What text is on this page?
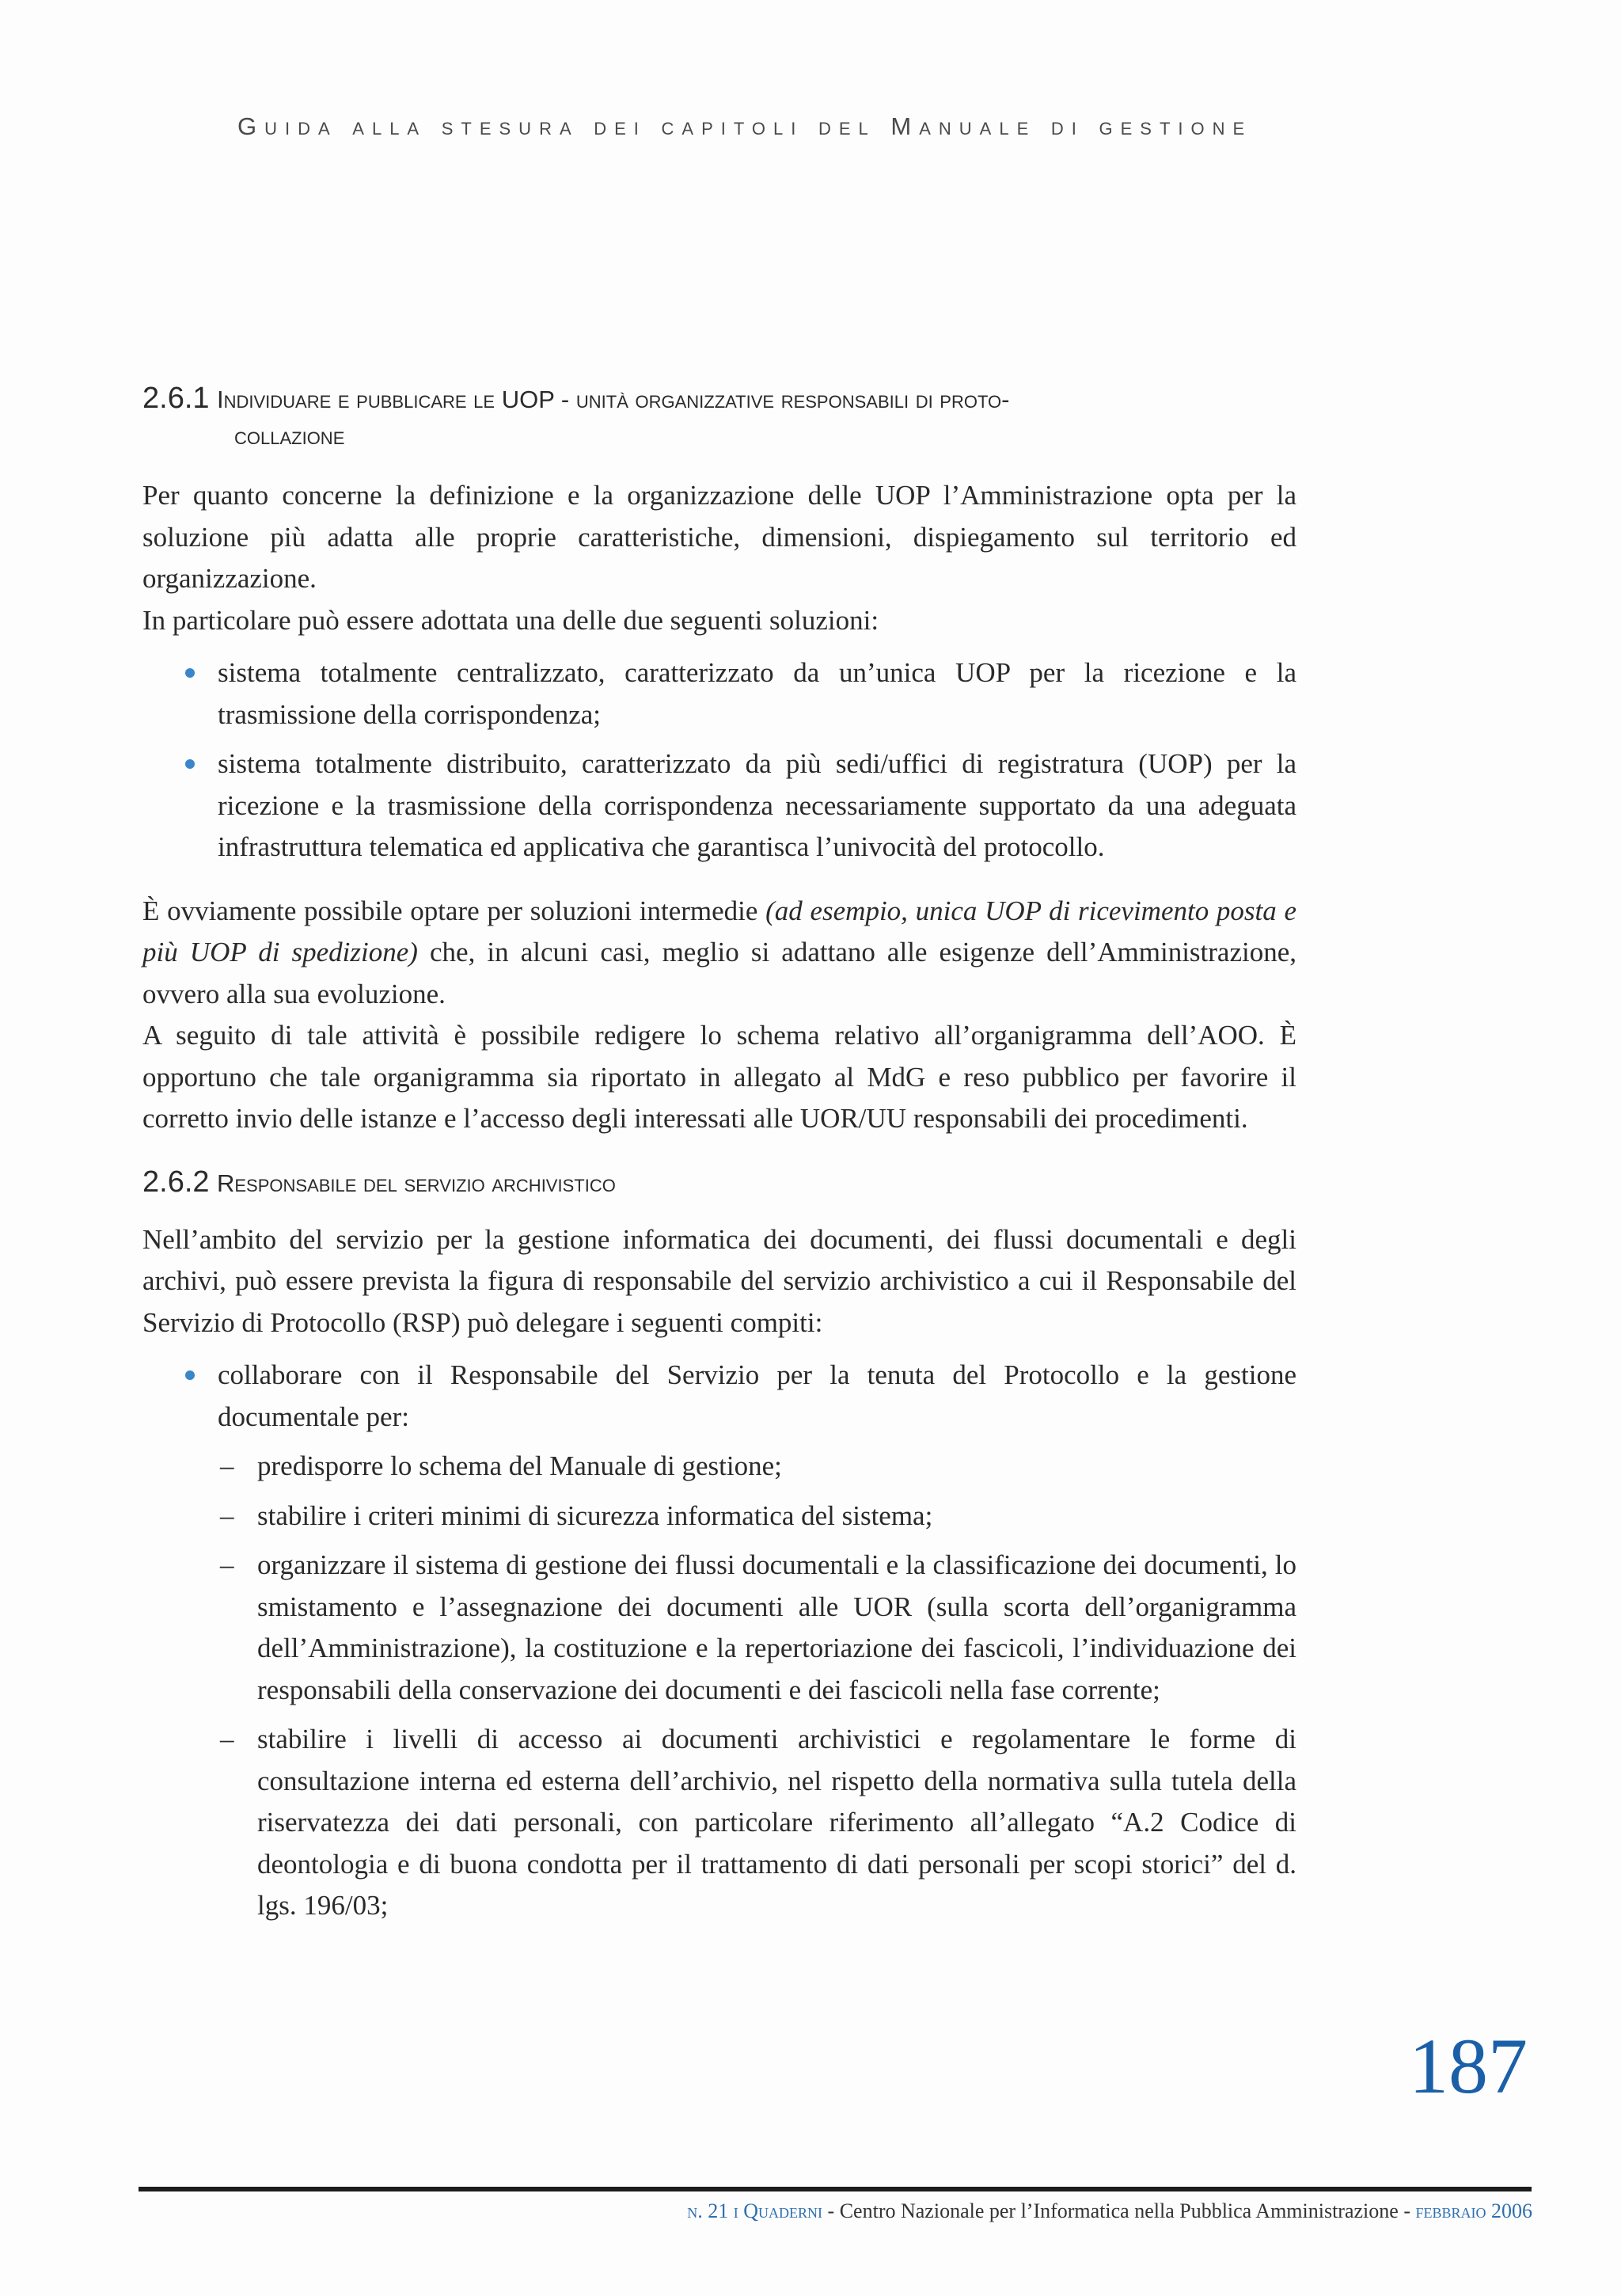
Guida alla stesura dei capitoli del Manuale di gestione
2.6.1 Individuare e pubblicare le UOP - unità organizzative responsabili di proto-
collazione

Per quanto concerne la definizione e la organizzazione delle UOP l’Amministrazione opta per la soluzione più adatta alle proprie caratteristiche, dimensioni, dispiegamento sul territorio ed organizzazione.

In particolare può essere adottata una delle due seguenti soluzioni:

sistema totalmente centralizzato, caratterizzato da un’unica UOP per la ricezione e la trasmissione della corrispondenza;
sistema totalmente distribuito, caratterizzato da più sedi/uffici di registratura (UOP) per la ricezione e la trasmissione della corrispondenza necessariamente supportato da una adeguata infrastruttura telematica ed applicativa che garantisca l’univocità del protocollo.

È ovviamente possibile optare per soluzioni intermedie (ad esempio, unica UOP di ricevimento posta e più UOP di spedizione) che, in alcuni casi, meglio si adattano alle esigenze dell’Amministrazione, ovvero alla sua evoluzione.

A seguito di tale attività è possibile redigere lo schema relativo all’organigramma dell’AOO. È opportuno che tale organigramma sia riportato in allegato al MdG e reso pubblico per favorire il corretto invio delle istanze e l’accesso degli interessati alle UOR/UU responsabili dei procedimenti.

2.6.2 Responsabile del servizio archivistico

Nell’ambito del servizio per la gestione informatica dei documenti, dei flussi documentali e degli archivi, può essere prevista la figura di responsabile del servizio archivistico a cui il Responsabile del Servizio di Protocollo (RSP) può delegare i seguenti compiti:

collaborare con il Responsabile del Servizio per la tenuta del Protocollo e la gestione documentale per:
– predisporre lo schema del Manuale di gestione;
– stabilire i criteri minimi di sicurezza informatica del sistema;
– organizzare il sistema di gestione dei flussi documentali e la classificazione dei documenti, lo smistamento e l’assegnazione dei documenti alle UOR (sulla scorta dell’organigramma dell’Amministrazione), la costituzione e la repertoriazione dei fascicoli, l’individuazione dei responsabili della conservazione dei documenti e dei fascicoli nella fase corrente;
– stabilire i livelli di accesso ai documenti archivistici e regolamentare le forme di consultazione interna ed esterna dell’archivio, nel rispetto della normativa sulla tutela della riservatezza dei dati personali, con particolare riferimento all’allegato “A.2 Codice di deontologia e di buona condotta per il trattamento di dati personali per scopi storici” del d. lgs. 196/03;
187
n. 21 i Quaderni - Centro Nazionale per l’Informatica nella Pubblica Amministrazione - febbraio 2006
